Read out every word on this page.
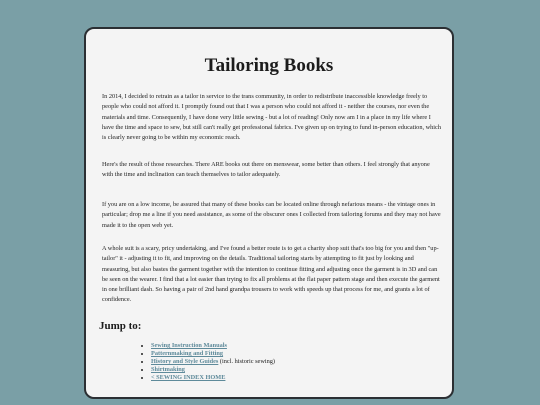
Tailoring Books

In 2014, I decided to retrain as a tailor in service to the trans community, in order to redistribute inaccessible knowledge freely to people who could not afford it. I promptly found out that I was a person who could not afford it - neither the courses, nor even the materials and time. Consequently, I have done very little sewing - but a lot of reading! Only now am I in a place in my life where I have the time and space to sew, but still can't really get professional fabrics. I've given up on trying to fund in-person education, which is clearly never going to be within my economic reach.

Here's the result of those researches. There ARE books out there on menswear, some better than others. I feel strongly that anyone with the time and inclination can teach themselves to tailor adequately.

If you are on a low income, be assured that many of these books can be located online through nefarious means - the vintage ones in particular; drop me a line if you need assistance, as some of the obscurer ones I collected from tailoring forums and they may not have made it to the open web yet.

A whole suit is a scary, pricy undertaking, and I've found a better route is to get a charity shop suit that's too big for you and then "up-tailor" it - adjusting it to fit, and improving on the details. Traditional tailoring starts by attempting to fit just by looking and measuring, but also bastes the garment together with the intention to continue fitting and adjusting once the garment is in 3D and can be seen on the wearer. I find that a lot easier than trying to fix all problems at the flat paper pattern stage and then execute the garment in one brilliant dash. So having a pair of 2nd hand grandpa trousers to work with speeds up that process for me, and grants a lot of confidence.

Jump to:
• Sewing Instruction Manuals
• Patternmaking and Fitting
• History and Style Guides (incl. historic sewing)
• Shirtmaking
• < SEWING INDEX HOME
